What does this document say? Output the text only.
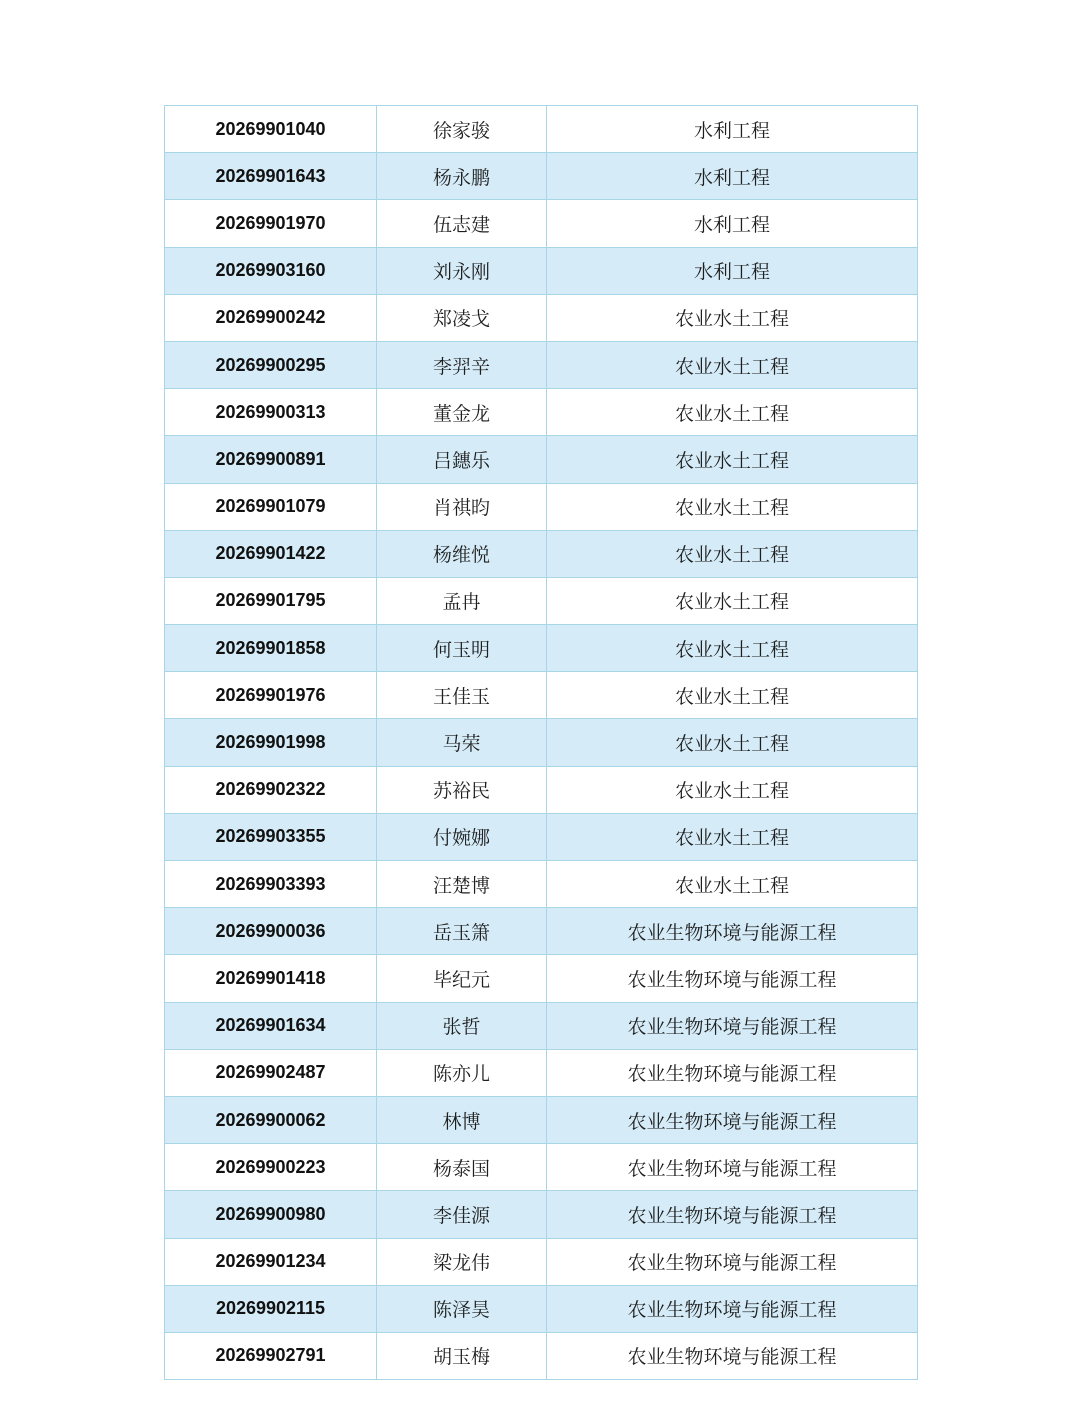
20269901040	徐家骏	水利工程
20269901643	杨永鹏	水利工程
20269901970	伍志建	水利工程
20269903160	刘永刚	水利工程
20269900242	郑凌戈	农业水土工程
20269900295	李羿辛	农业水土工程
20269900313	董金龙	农业水土工程
20269900891	吕鏸乐	农业水土工程
20269901079	肖祺昀	农业水土工程
20269901422	杨维悦	农业水土工程
20269901795	孟冉	农业水土工程
20269901858	何玉明	农业水土工程
20269901976	王佳玉	农业水土工程
20269901998	马荣	农业水土工程
20269902322	苏裕民	农业水土工程
20269903355	付婉娜	农业水土工程
20269903393	汪楚博	农业水土工程
20269900036	岳玉箫	农业生物环境与能源工程
20269901418	毕纪元	农业生物环境与能源工程
20269901634	张哲	农业生物环境与能源工程
20269902487	陈亦儿	农业生物环境与能源工程
20269900062	林博	农业生物环境与能源工程
20269900223	杨泰国	农业生物环境与能源工程
20269900980	李佳源	农业生物环境与能源工程
20269901234	梁龙伟	农业生物环境与能源工程
20269902115	陈泽昊	农业生物环境与能源工程
20269902791	胡玉梅	农业生物环境与能源工程
